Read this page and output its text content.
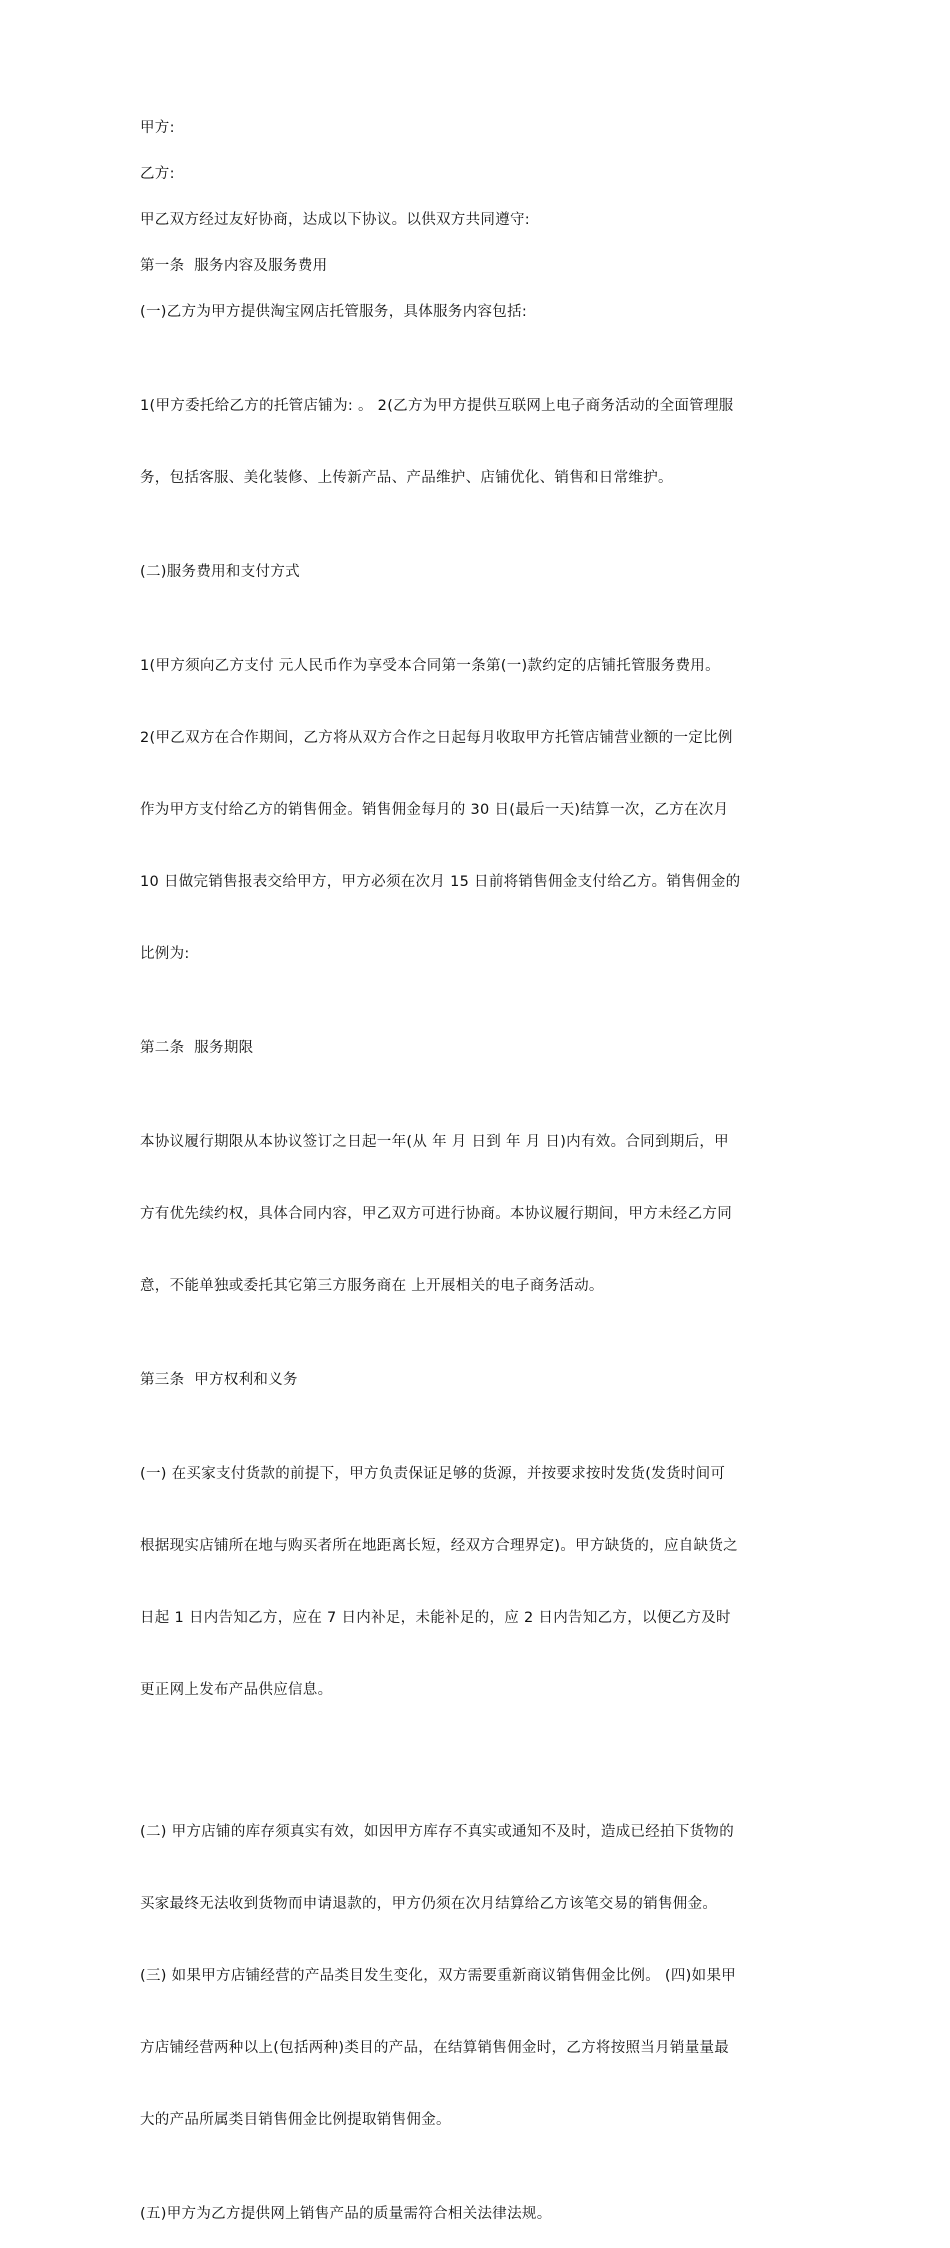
甲方:

乙方:

甲乙双方经过友好协商，达成以下协议。以供双方共同遵守:

第一条  服务内容及服务费用

(一)乙方为甲方提供淘宝网店托管服务，具体服务内容包括:

1(甲方委托给乙方的托管店铺为: 。 2(乙方为甲方提供互联网上电子商务活动的全面管理服

务，包括客服、美化装修、上传新产品、产品维护、店铺优化、销售和日常维护。

(二)服务费用和支付方式

1(甲方须向乙方支付 元人民币作为享受本合同第一条第(一)款约定的店铺托管服务费用。

2(甲乙双方在合作期间，乙方将从双方合作之日起每月收取甲方托管店铺营业额的一定比例

作为甲方支付给乙方的销售佣金。销售佣金每月的 30 日(最后一天)结算一次，乙方在次月

10 日做完销售报表交给甲方，甲方必须在次月 15 日前将销售佣金支付给乙方。销售佣金的

比例为:

第二条  服务期限

本协议履行期限从本协议签订之日起一年(从 年 月 日到 年 月 日)内有效。合同到期后，甲

方有优先续约权，具体合同内容，甲乙双方可进行协商。本协议履行期间，甲方未经乙方同

意，不能单独或委托其它第三方服务商在 上开展相关的电子商务活动。

第三条  甲方权利和义务

(一) 在买家支付货款的前提下，甲方负责保证足够的货源，并按要求按时发货(发货时间可

根据现实店铺所在地与购买者所在地距离长短，经双方合理界定)。甲方缺货的，应自缺货之

日起 1 日内告知乙方，应在 7 日内补足，未能补足的，应 2 日内告知乙方，以便乙方及时

更正网上发布产品供应信息。

(二) 甲方店铺的库存须真实有效，如因甲方库存不真实或通知不及时，造成已经拍下货物的

买家最终无法收到货物而申请退款的，甲方仍须在次月结算给乙方该笔交易的销售佣金。

(三) 如果甲方店铺经营的产品类目发生变化，双方需要重新商议销售佣金比例。 (四)如果甲

方店铺经营两种以上(包括两种)类目的产品，在结算销售佣金时，乙方将按照当月销量量最

大的产品所属类目销售佣金比例提取销售佣金。

(五)甲方为乙方提供网上销售产品的质量需符合相关法律法规。
